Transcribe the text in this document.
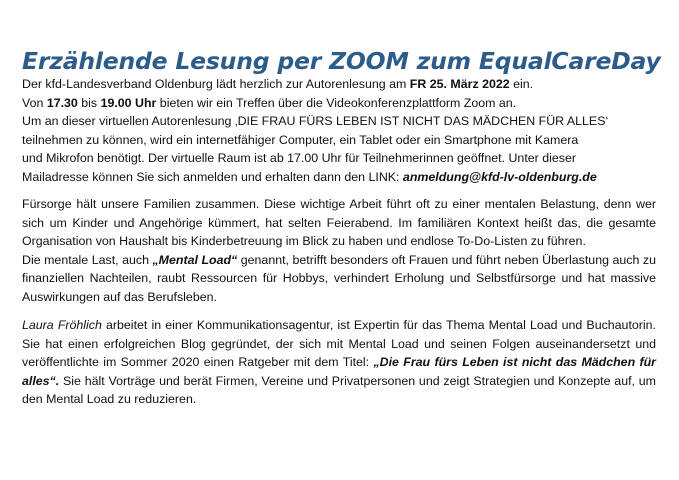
Erzählende Lesung per ZOOM zum EqualCareDay
Der kfd-Landesverband Oldenburg lädt herzlich zur Autorenlesung am FR 25. März 2022 ein.
Von 17.30 bis 19.00 Uhr bieten wir ein Treffen über die Videokonferenzplattform Zoom an.
Um an dieser virtuellen Autorenlesung ‚DIE FRAU FÜRS LEBEN IST NICHT DAS MÄDCHEN FÜR ALLES‘
teilnehmen zu können, wird ein internetfähiger Computer, ein Tablet oder ein Smartphone mit Kamera
und Mikrofon benötigt. Der virtuelle Raum ist ab 17.00 Uhr für Teilnehmerinnen geöffnet. Unter dieser
Mailadresse können Sie sich anmelden und erhalten dann den LINK: anmeldung@kfd-lv-oldenburg.de

Fürsorge hält unsere Familien zusammen. Diese wichtige Arbeit führt oft zu einer mentalen Belastung, denn wer sich um Kinder und Angehörige kümmert, hat selten Feierabend. Im familiären Kontext heißt das, die gesamte Organisation von Haushalt bis Kinderbetreuung im Blick zu haben und endlose To-Do-Listen zu führen.

Die mentale Last, auch „Mental Load“ genannt, betrifft besonders oft Frauen und führt neben Überlastung auch zu finanziellen Nachteilen, raubt Ressourcen für Hobbys, verhindert Erholung und Selbstfürsorge und hat massive Auswirkungen auf das Berufsleben.

Laura Fröhlich arbeitet in einer Kommunikationsagentur, ist Expertin für das Thema Mental Load und Buchautorin. Sie hat einen erfolgreichen Blog gegründet, der sich mit Mental Load und seinen Folgen auseinandersetzt und veröffentlichte im Sommer 2020 einen Ratgeber mit dem Titel: „Die Frau fürs Leben ist nicht das Mädchen für alles“. Sie hält Vorträge und berät Firmen, Vereine und Privatpersonen und zeigt Strategien und Konzepte auf, um den Mental Load zu reduzieren.
